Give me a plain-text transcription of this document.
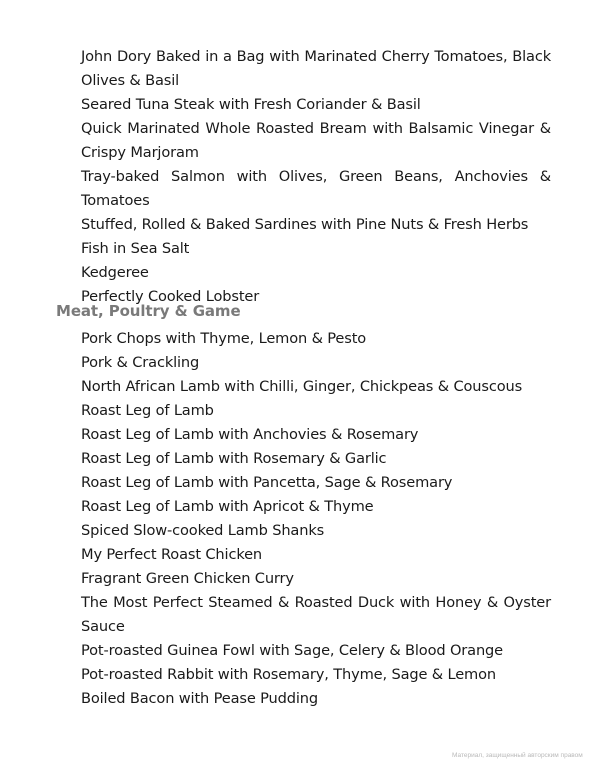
John Dory Baked in a Bag with Marinated Cherry Tomatoes, Black Olives & Basil
Seared Tuna Steak with Fresh Coriander & Basil
Quick Marinated Whole Roasted Bream with Balsamic Vinegar & Crispy Marjoram
Tray-baked Salmon with Olives, Green Beans, Anchovies & Tomatoes
Stuffed, Rolled & Baked Sardines with Pine Nuts & Fresh Herbs
Fish in Sea Salt
Kedgeree
Perfectly Cooked Lobster
Meat, Poultry & Game
Pork Chops with Thyme, Lemon & Pesto
Pork & Crackling
North African Lamb with Chilli, Ginger, Chickpeas & Couscous
Roast Leg of Lamb
Roast Leg of Lamb with Anchovies & Rosemary
Roast Leg of Lamb with Rosemary & Garlic
Roast Leg of Lamb with Pancetta, Sage & Rosemary
Roast Leg of Lamb with Apricot & Thyme
Spiced Slow-cooked Lamb Shanks
My Perfect Roast Chicken
Fragrant Green Chicken Curry
The Most Perfect Steamed & Roasted Duck with Honey & Oyster Sauce
Pot-roasted Guinea Fowl with Sage, Celery & Blood Orange
Pot-roasted Rabbit with Rosemary, Thyme, Sage & Lemon
Boiled Bacon with Pease Pudding
Материал, защищенный авторским правом
